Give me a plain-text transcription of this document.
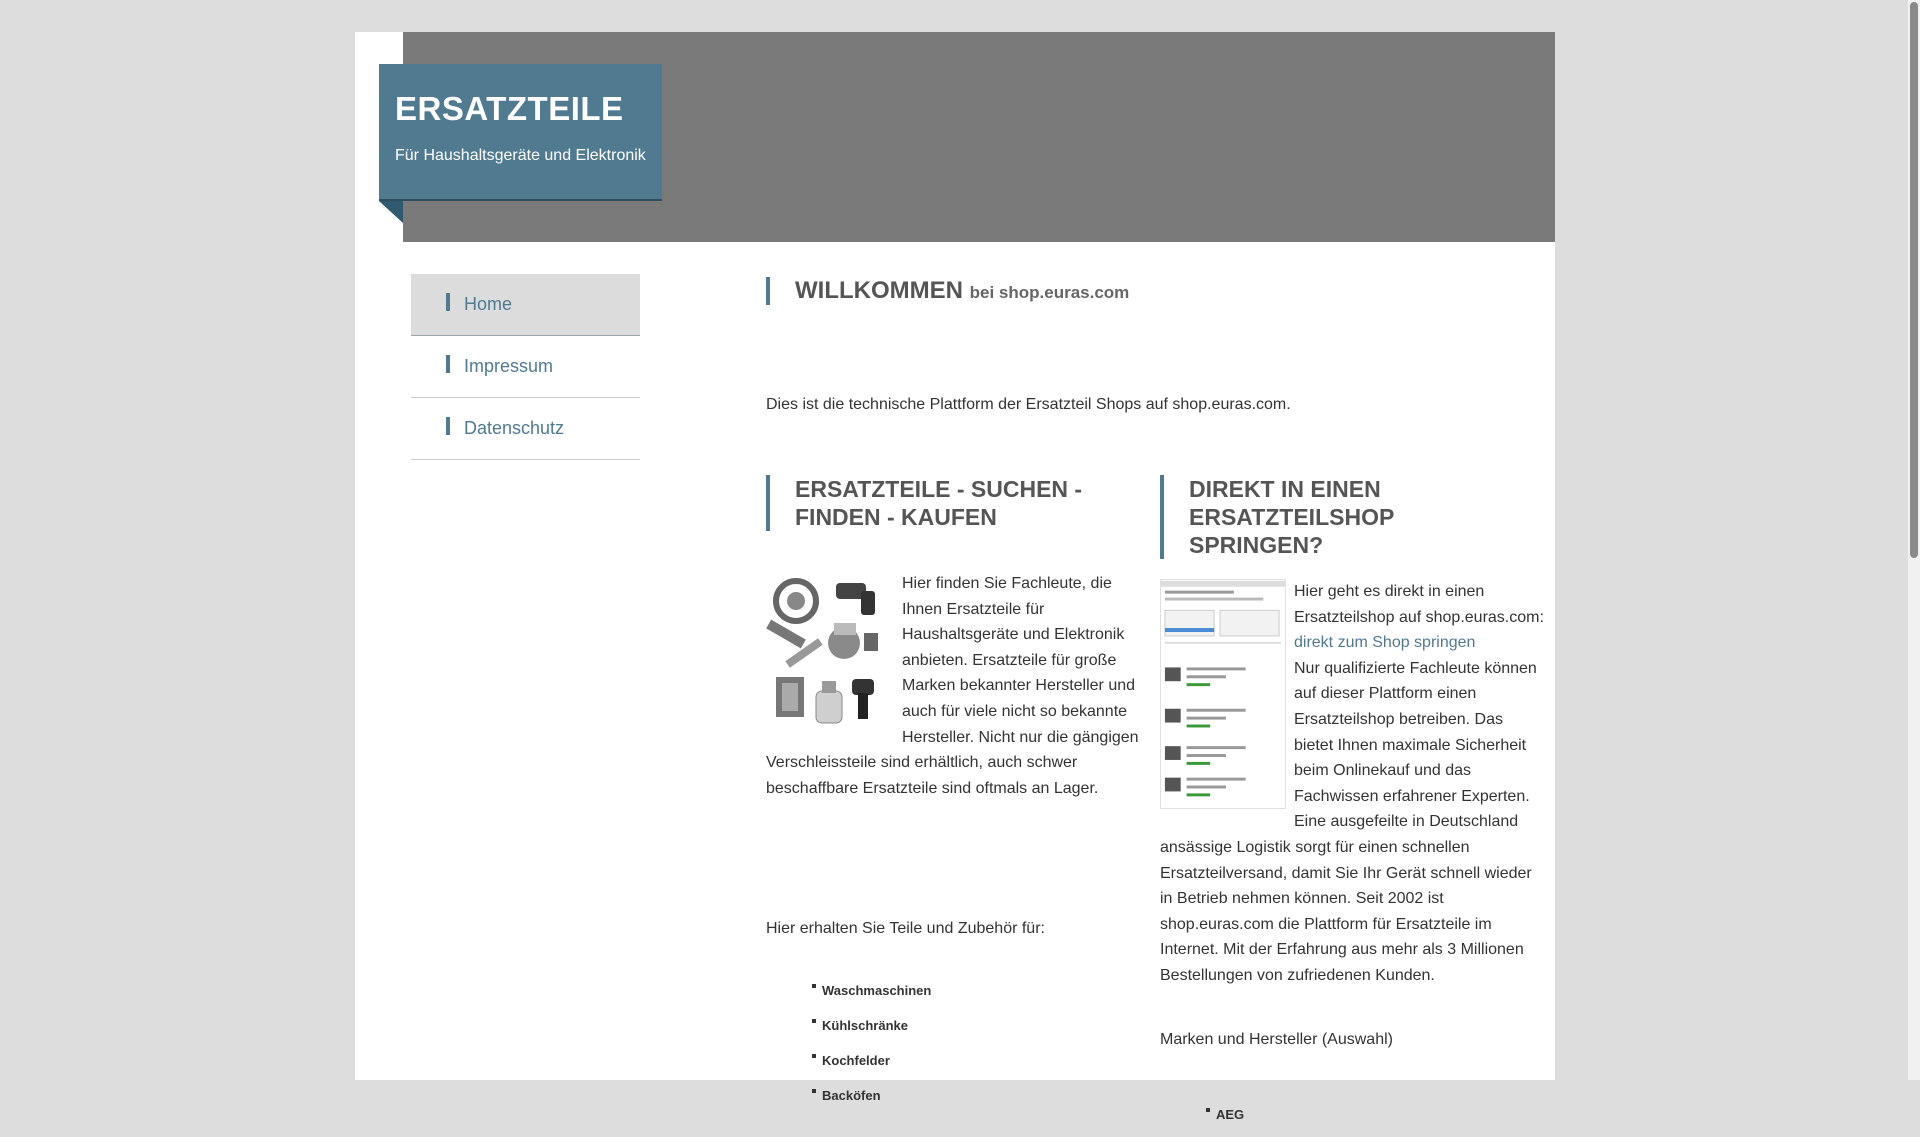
ERSATZTEILE
Für Haushaltsgeräte und Elektronik
Home
Impressum
Datenschutz
WILLKOMMEN bei shop.euras.com

Dies ist die technische Plattform der Ersatzteil Shops auf shop.euras.com.

ERSATZTEILE - SUCHEN - FINDEN - KAUFEN
Hier finden Sie Fachleute, die Ihnen Ersatzteile für Haushaltsgeräte und Elektronik anbieten. Ersatzteile für große Marken bekannter Hersteller und auch für viele nicht so bekannte Hersteller. Nicht nur die gängigen Verschleissteile sind erhältlich, auch schwer beschaffbare Ersatzteile sind oftmals an Lager.

Hier erhalten Sie Teile und Zubehör für:

Waschmaschinen
Kühlschränke
Kochfelder
Backöfen
DIREKT IN EINEN ERSATZTEILSHOP SPRINGEN?
Hier geht es direkt in einen Ersatzteilshop auf shop.euras.com:
direkt zum Shop springen
Nur qualifizierte Fachleute können auf dieser Plattform einen Ersatzteilshop betreiben. Das bietet Ihnen maximale Sicherheit beim Onlinekauf und das Fachwissen erfahrener Experten. Eine ausgefeilte in Deutschland ansässige Logistik sorgt für einen schnellen Ersatzteilversand, damit Sie Ihr Gerät schnell wieder in Betrieb nehmen können. Seit 2002 ist shop.euras.com die Plattform für Ersatzteile im Internet. Mit der Erfahrung aus mehr als 3 Millionen Bestellungen von zufriedenen Kunden.

Marken und Hersteller (Auswahl)

AEG
